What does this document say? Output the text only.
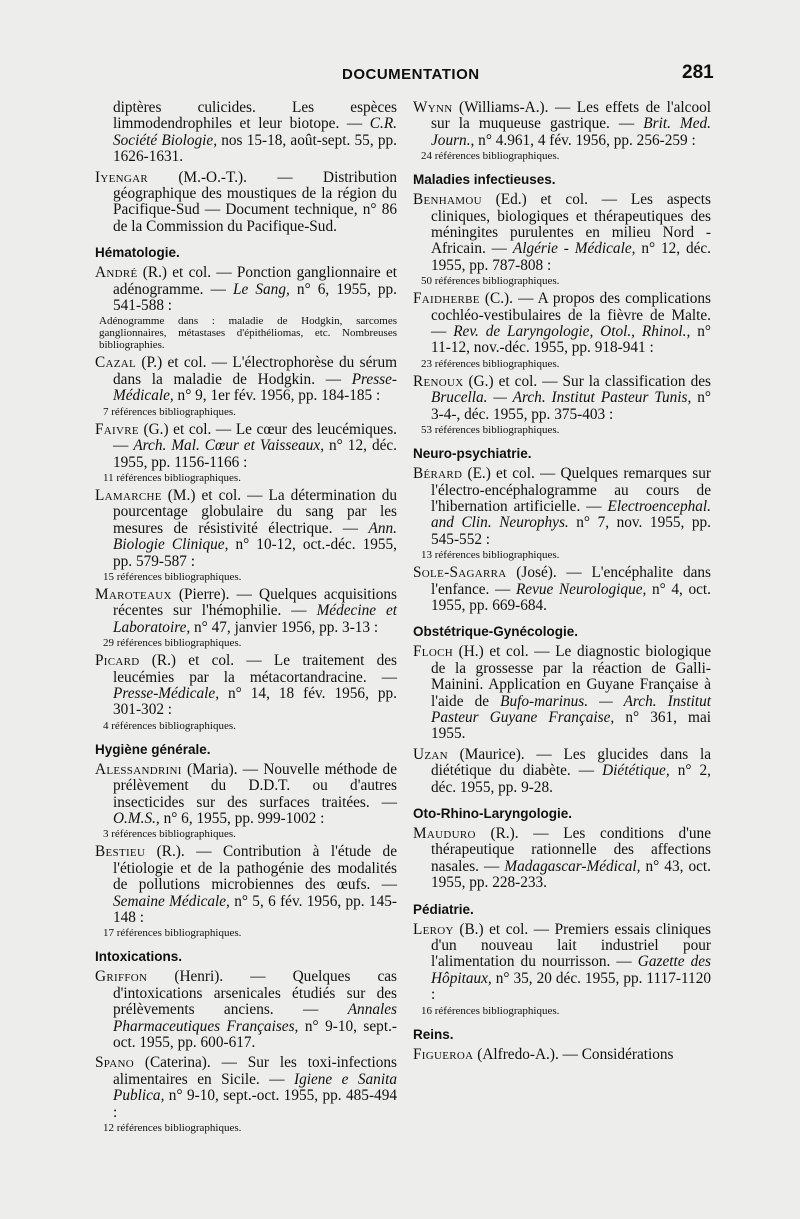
DOCUMENTATION	281
diptères culicides. Les espèces limmodendrophiles et leur biotope. — C.R. Société Biologie, nos 15-18, août-sept. 55, pp. 1626-1631.
Iyengar (M.-O.-T.). — Distribution géographique des moustiques de la région du Pacifique-Sud — Document technique, n° 86 de la Commission du Pacifique-Sud.
Hématologie.
André (R.) et col. — Ponction ganglionnaire et adénogramme. — Le Sang, n° 6, 1955, pp. 541-588 :
Adénogramme dans : maladie de Hodgkin, sarcomes ganglionnaires, métastases d'épithéliomas, etc. Nombreuses bibliographies.
Cazal (P.) et col. — L'électrophorèse du sérum dans la maladie de Hodgkin. — Presse-Médicale, n° 9, 1er fév. 1956, pp. 184-185 :
7 références bibliographiques.
Faivre (G.) et col. — Le cœur des leucémiques. — Arch. Mal. Cœur et Vaisseaux, n° 12, déc. 1955, pp. 1156-1166 :
11 références bibliographiques.
Lamarche (M.) et col. — La détermination du pourcentage globulaire du sang par les mesures de résistivité électrique. — Ann. Biologie Clinique, n° 10-12, oct.-déc. 1955, pp. 579-587 :
15 références bibliographiques.
Maroteaux (Pierre). — Quelques acquisitions récentes sur l'hémophilie. — Médecine et Laboratoire, n° 47, janvier 1956, pp. 3-13 :
29 références bibliographiques.
Picard (R.) et col. — Le traitement des leucémies par la métacortandracine. — Presse-Médicale, n° 14, 18 fév. 1956, pp. 301-302 :
4 références bibliographiques.
Hygiène générale.
Alessandrini (Maria). — Nouvelle méthode de prélèvement du D.D.T. ou d'autres insecticides sur des surfaces traitées. — O.M.S., n° 6, 1955, pp. 999-1002 :
3 références bibliographiques.
Bestieu (R.). — Contribution à l'étude de l'étiologie et de la pathogénie des modalités de pollutions microbiennes des œufs. — Semaine Médicale, n° 5, 6 fév. 1956, pp. 145-148 :
17 références bibliographiques.
Intoxications.
Griffon (Henri). — Quelques cas d'intoxications arsenicales étudiés sur des prélèvements anciens. — Annales Pharmaceutiques Françaises, n° 9-10, sept.-oct. 1955, pp. 600-617.
Spano (Caterina). — Sur les toxi-infections alimentaires en Sicile. — Igiene e Sanita Publica, n° 9-10, sept.-oct. 1955, pp. 485-494 :
12 références bibliographiques.
Wynn (Williams-A.). — Les effets de l'alcool sur la muqueuse gastrique. — Brit. Med. Journ., n° 4.961, 4 fév. 1956, pp. 256-259 :
24 références bibliographiques.
Maladies infectieuses.
Benhamou (Ed.) et col. — Les aspects cliniques, biologiques et thérapeutiques des méningites purulentes en milieu Nord - Africain. — Algérie - Médicale, n° 12, déc. 1955, pp. 787-808 :
50 références bibliographiques.
Faidherbe (C.). — A propos des complications cochléo-vestibulaires de la fièvre de Malte. — Rev. de Laryngologie, Otol., Rhinol., n° 11-12, nov.-déc. 1955, pp. 918-941 :
23 références bibliographiques.
Renoux (G.) et col. — Sur la classification des Brucella. — Arch. Institut Pasteur Tunis, n° 3-4-, déc. 1955, pp. 375-403 :
53 références bibliographiques.
Neuro-psychiatrie.
Bérard (E.) et col. — Quelques remarques sur l'électro-encéphalogramme au cours de l'hibernation artificielle. — Electroencephal. and Clin. Neurophys. n° 7, nov. 1955, pp. 545-552 :
13 références bibliographiques.
Sole-Sagarra (José). — L'encéphalite dans l'enfance. — Revue Neurologique, n° 4, oct. 1955, pp. 669-684.
Obstétrique-Gynécologie.
Floch (H.) et col. — Le diagnostic biologique de la grossesse par la réaction de Galli-Mainini. Application en Guyane Française à l'aide de Bufo-marinus. — Arch. Institut Pasteur Guyane Française, n° 361, mai 1955.
Uzan (Maurice). — Les glucides dans la diététique du diabète. — Diététique, n° 2, déc. 1955, pp. 9-28.
Oto-Rhino-Laryngologie.
Mauduro (R.). — Les conditions d'une thérapeutique rationnelle des affections nasales. — Madagascar-Médical, n° 43, oct. 1955, pp. 228-233.
Pédiatrie.
Leroy (B.) et col. — Premiers essais cliniques d'un nouveau lait industriel pour l'alimentation du nourrisson. — Gazette des Hôpitaux, n° 35, 20 déc. 1955, pp. 1117-1120 :
16 références bibliographiques.
Reins.
Figueroa (Alfredo-A.). — Considérations
